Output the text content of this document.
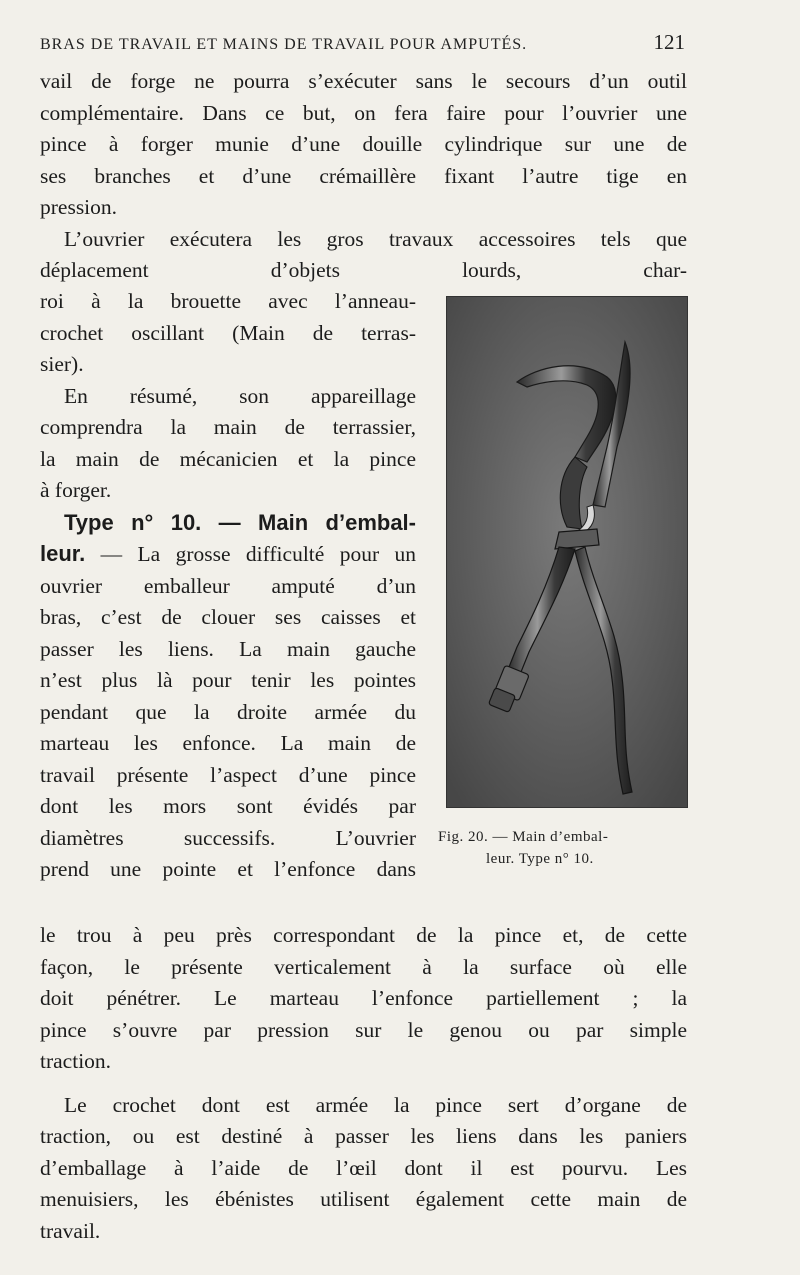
BRAS DE TRAVAIL ET MAINS DE TRAVAIL POUR AMPUTÉS.	121
vail de forge ne pourra s’exécuter sans le secours d’un outil
complémentaire. Dans ce but, on fera faire pour l’ouvrier une
pince à forger munie d’une douille cylindrique sur une de
ses branches et d’une crémaillère fixant l’autre tige en
pression.
L’ouvrier exécutera les gros travaux accessoires tels que
déplacement d’objets lourds, char-
roi à la brouette avec l’anneau-
crochet oscillant (Main de terras-
sier).
En résumé, son appareillage
comprendra la main de terrassier,
la main de mécanicien et la pince
à forger.
Type n° 10. — Main d’embal-
leur. — La grosse difficulté pour un
ouvrier emballeur amputé d’un
bras, c’est de clouer ses caisses et
passer les liens. La main gauche
n’est plus là pour tenir les pointes
pendant que la droite armée du
marteau les enfonce. La main de
travail présente l’aspect d’une pince
dont les mors sont évidés par
diamètres successifs. L’ouvrier
prend une pointe et l’enfonce dans
Fig. 20. — Main d’embal-
leur. Type n° 10.
le trou à peu près correspondant de la pince et, de cette
façon, le présente verticalement à la surface où elle
doit pénétrer. Le marteau l’enfonce partiellement ; la
pince s’ouvre par pression sur le genou ou par simple
traction.
Le crochet dont est armée la pince sert d’organe de
traction, ou est destiné à passer les liens dans les paniers
d’emballage à l’aide de l’œil dont il est pourvu. Les
menuisiers, les ébénistes utilisent également cette main de
travail.
